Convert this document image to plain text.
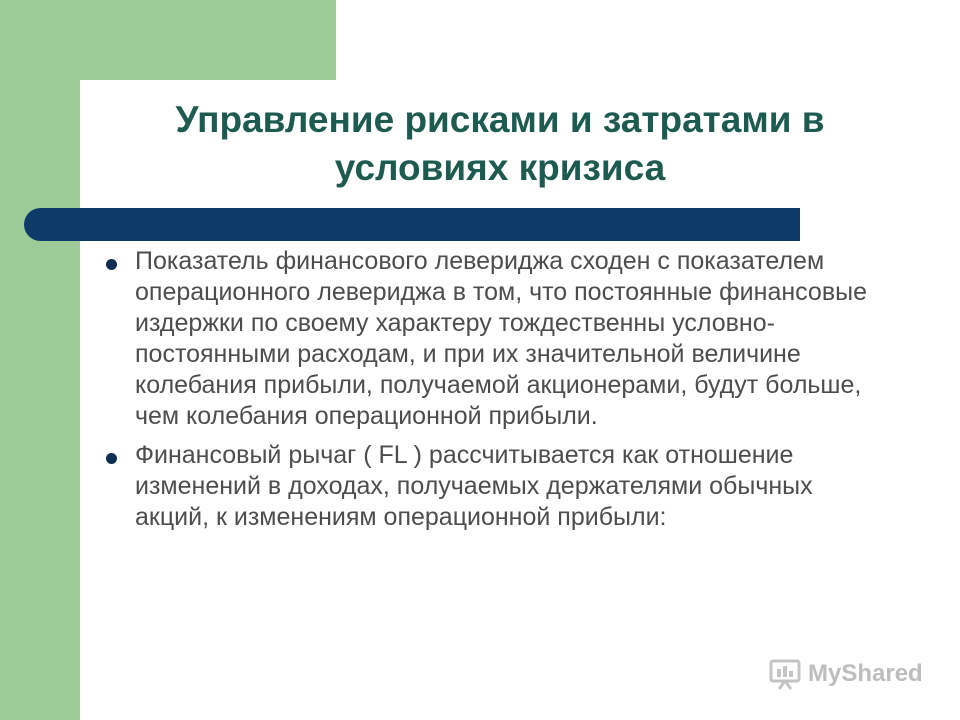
Управление рисками и затратами в условиях кризиса
Показатель финансового левериджа сходен с показателем операционного левериджа в том, что постоянные финансовые издержки по своему характеру тождественны условно-постоянными расходам, и при их значительной величине колебания прибыли, получаемой акционерами, будут больше, чем колебания операционной прибыли.
Финансовый рычаг ( FL ) рассчитывается как отношение изменений в доходах, получаемых держателями обычных акций, к изменениям операционной прибыли:
MyShared
